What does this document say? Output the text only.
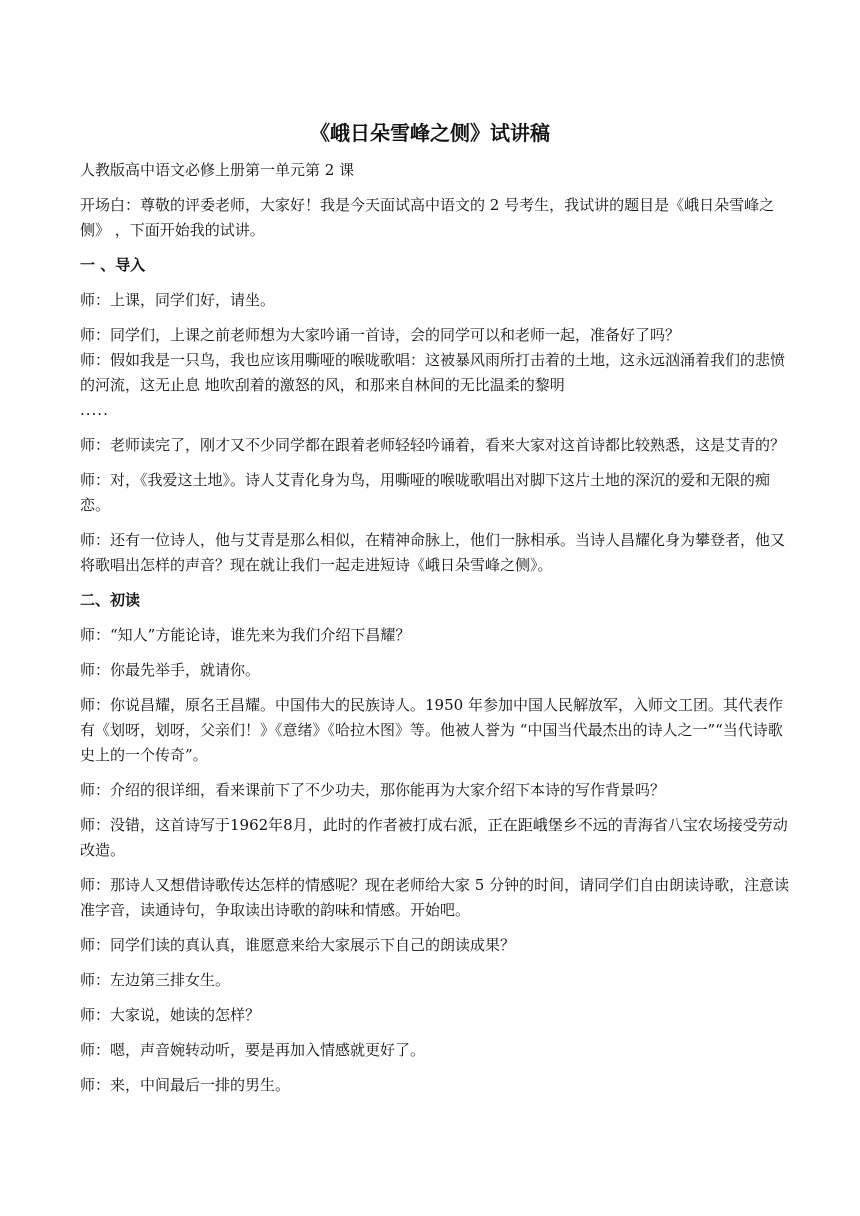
《峨日朵雪峰之侧》试讲稿

人教版高中语文必修上册第一单元第 2 课

开场白：尊敬的评委老师，大家好！我是今天面试高中语文的 2 号考生，我试讲的题目是《峨日朵雪峰之侧》 ，下面开始我的试讲。

一 、导入

师：上课，同学们好，请坐。

师：同学们，上课之前老师想为大家吟诵一首诗，会的同学可以和老师一起，准备好了吗？

师：假如我是一只鸟，我也应该用嘶哑的喉咙歌唱：这被暴风雨所打击着的土地，这永远汹涌着我们的悲愤的河流，这无止息 地吹刮着的激怒的风，和那来自林间的无比温柔的黎明

.....

师：老师读完了，刚才又不少同学都在跟着老师轻轻吟诵着，看来大家对这首诗都比较熟悉，这是艾青的？

师：对，《我爱这土地》。诗人艾青化身为鸟，用嘶哑的喉咙歌唱出对脚下这片土地的深沉的爱和无限的痴恋。

师：还有一位诗人，他与艾青是那么相似，在精神命脉上，他们一脉相承。当诗人昌耀化身为攀登者，他又将歌唱出怎样的声音？现在就让我们一起走进短诗《峨日朵雪峰之侧》。

二、初读

师：“知人”方能论诗，谁先来为我们介绍下昌耀？

师：你最先举手，就请你。

师：你说昌耀，原名王昌耀。中国伟大的民族诗人。1950 年参加中国人民解放军，入师文工团。其代表作有《划呀，划呀，父亲们！》《意绪》《哈拉木图》等。他被人誉为 “中国当代最杰出的诗人之一”“当代诗歌史上的一个传奇”。

师：介绍的很详细，看来课前下了不少功夫，那你能再为大家介绍下本诗的写作背景吗？

师：没错，这首诗写于1962年8月，此时的作者被打成右派，正在距峨堡乡不远的青海省八宝农场接受劳动改造。

师：那诗人又想借诗歌传达怎样的情感呢？现在老师给大家 5 分钟的时间，请同学们自由朗读诗歌，注意读准字音，读通诗句，争取读出诗歌的韵味和情感。开始吧。

师：同学们读的真认真，谁愿意来给大家展示下自己的朗读成果？

师：左边第三排女生。

师：大家说，她读的怎样？

师：嗯，声音婉转动听，要是再加入情感就更好了。

师：来，中间最后一排的男生。
